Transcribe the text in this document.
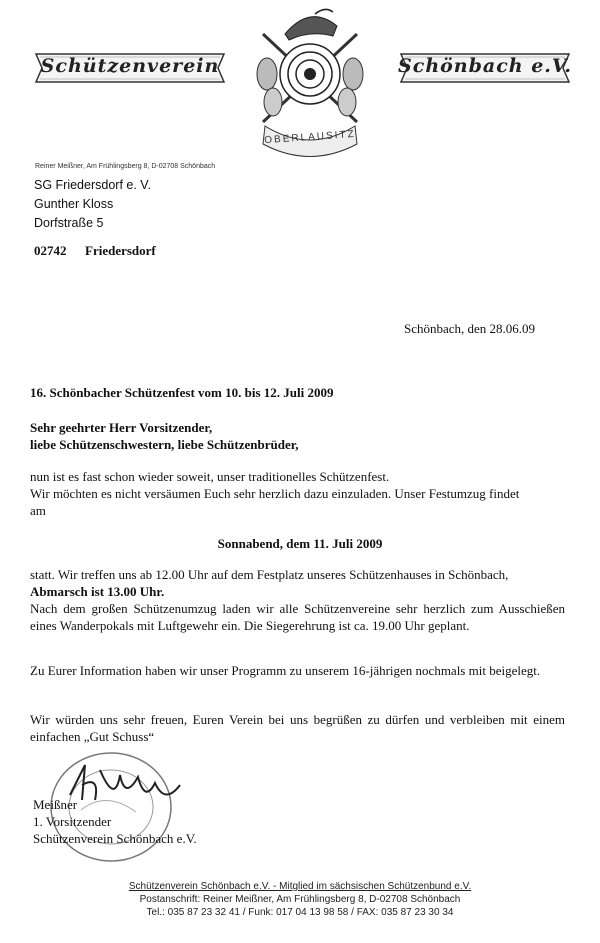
Schützenverein	Schönbach e.V.
OBERLAUSITZ
Reiner Meißner, Am Frühlingsberg 8, D-02708 Schönbach
SG Friedersdorf e. V.
Gunther Kloss
Dorfstraße 5
02742 Friedersdorf
Schönbach, den 28.06.09
16. Schönbacher Schützenfest vom 10. bis 12. Juli 2009
Sehr geehrter Herr Vorsitzender,
liebe Schützenschwestern, liebe Schützenbrüder,
nun ist es fast schon wieder soweit, unser traditionelles Schützenfest.
Wir möchten es nicht versäumen Euch sehr herzlich dazu einzuladen. Unser Festumzug findet
am
Sonnabend, dem 11. Juli 2009
statt. Wir treffen uns ab 12.00 Uhr auf dem Festplatz unseres Schützenhauses in Schönbach,
Abmarsch ist 13.00 Uhr.
Nach dem großen Schützenumzug laden wir alle Schützenvereine sehr herzlich zum Ausschießen eines Wanderpokals mit Luftgewehr ein. Die Siegerehrung ist ca. 19.00 Uhr geplant.
Zu Eurer Information haben wir unser Programm zu unserem 16-jährigen nochmals mit beigelegt.
Wir würden uns sehr freuen, Euren Verein bei uns begrüßen zu dürfen und verbleiben mit einem einfachen „Gut Schuss“
Meißner
1. Vorsitzender
Schützenverein Schönbach e.V.
Schützenverein Schönbach e.V. - Mitglied im sächsischen Schützenbund e.V.
Postanschrift: Reiner Meißner, Am Frühlingsberg 8, D-02708 Schönbach
Tel.: 035 87 23 32 41 / Funk: 017 04 13 98 58 / FAX: 035 87 23 30 34
